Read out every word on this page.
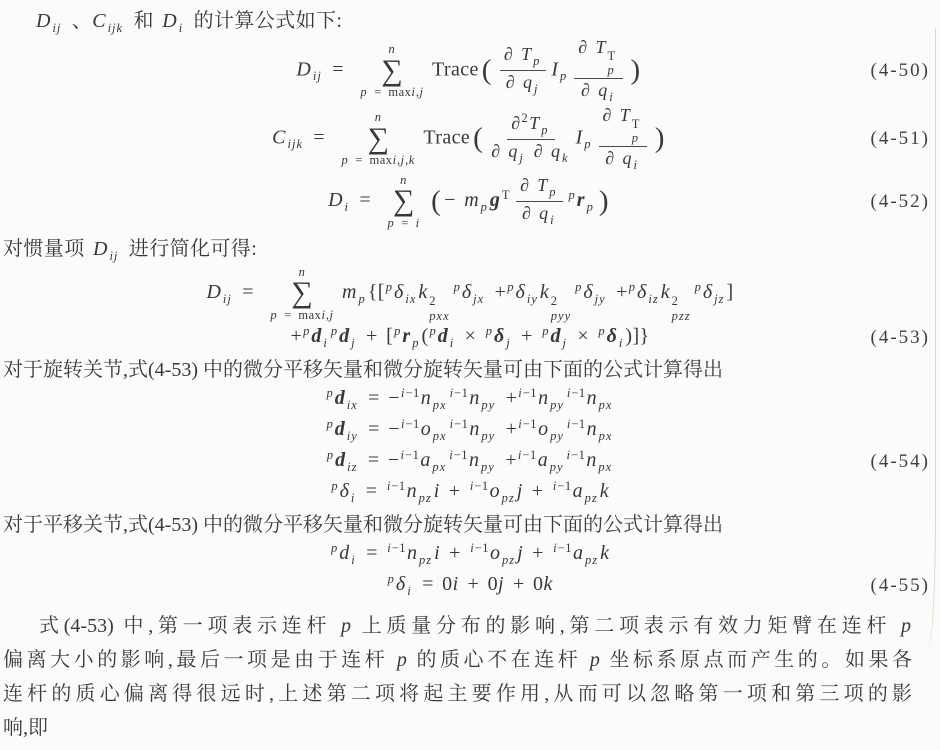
$D_{ij}$ 、$C_{ijk}$ 和 $D_i$ 的计算公式如下:
$D_{ij}$ =
n
∑
p = maxi,j
Trace ( $\frac{\partial T_p}{\partial q_j} I_p$
∂ T T
p
∂ $q_i$
)	(4-50)
$C_{ijk}$ =
n
∑
p = maxi,j,k
Trace ( $\frac{\partial^2T_p}{\partial q_j \partial q_k} I_p$
∂ T T
p
∂ $q_i$
)	(4-51)
$D_i$ =
n
∑
p = i
( − $m_p$ $g^T \frac{\partial T_p}{\partial q_i} ^pr_p$ )	(4-52)
对惯量项 $D_{ij}$ 进行简化可得:
$D_{ij}$ =
n
∑
p = maxi,j
$m_p$ {[$^p\delta_{ix}$ k 2
pxx
$^p\delta_{jx} +^p\delta_{iy}$ k 2
pyy
$^p\delta_{jy} +^p\delta_{iz}$ k 2
pzz
$^p\delta_{jz}$ ]
$+^pd_i^pd_j + [^pr_p$ ($^pd_i \times ^p\delta_j + ^pd_j \times ^p\delta_i$ )]}	(4-53)
对于旋转关节,式(4-53) 中的微分平移矢量和微分旋转矢量可由下面的公式计算得出
$^pd_{ix} = -^{i-1}n_{px}^{i-1}n_{py} +^{i-1}n_{py}^{i-1}n_{px}$
$^pd_{iy} = -^{i-1}o_{px}^{i-1}n_{py} +^{i-1}o_{py}^{i-1}n_{px}$
$^pd_{iz} = -^{i-1}a_{px}^{i-1}n_{py} +^{i-1}a_{py}^{i-1}n_{px}$	(4-54)
$^p\delta_i = ^{i-1}n_{pz}$ $i + ^{i-1}o_{pz}$ $j + ^{i-1}a_{pz}$ k
对于平移关节,式(4-53) 中的微分平移矢量和微分旋转矢量可由下面的公式计算得出
$^pd_i = ^{i-1}n_{pz}$ $i + ^{i-1}o_{pz}$ $j + ^{i-1}a_{pz}$ k
$^p\delta_i = 0i + 0j + 0k$	(4-55)
式(4-53) 中,第一项表示连杆 p 上质量分布的影响,第二项表示有效力矩臂在连杆 p
偏离大小的影响,最后一项是由于连杆 p 的质心不在连杆 p 坐标系原点而产生的。如果各
连杆的质心偏离得很远时,上述第二项将起主要作用,从而可以忽略第一项和第三项的影
响,即
